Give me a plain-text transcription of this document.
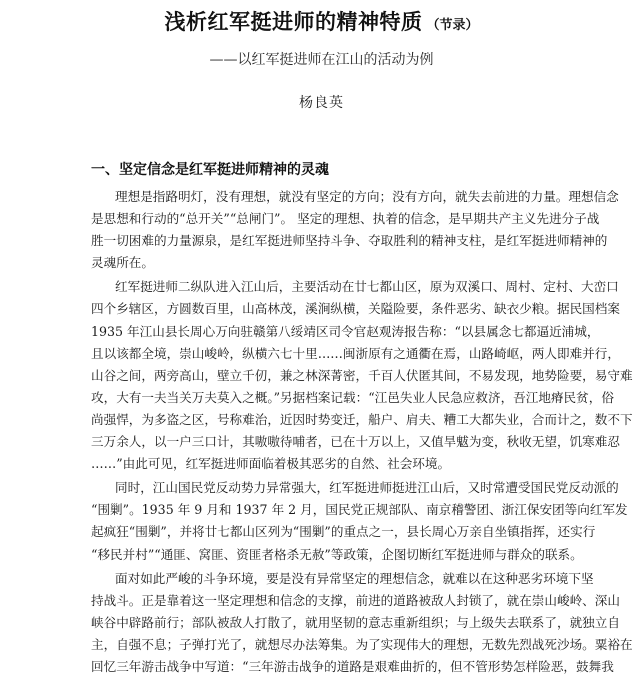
浅析红军挺进师的精神特质 （节录）
——以红军挺进师在江山的活动为例
杨良英
一、坚定信念是红军挺进师精神的灵魂

理想是指路明灯，没有理想，就没有坚定的方向；没有方向，就失去前进的力量。理想信念
是思想和行动的“总开关”“总闸门”。 坚定的理想、执着的信念，是早期共产主义先进分子战
胜一切困难的力量源泉，是红军挺进师坚持斗争、夺取胜利的精神支柱，是红军挺进师精神的
灵魂所在。

红军挺进师二纵队进入江山后，主要活动在廿七都山区，原为双溪口、周村、定村、大峦口
四个乡辖区，方圆数百里，山高林茂，溪涧纵横，关隘险要，条件恶劣、缺衣少粮。据民国档案
1935 年江山县长周心万向驻赣第八绥靖区司令官赵观涛报告称：“以县属念七都逼近浦城，
且以该都全境，崇山峻岭，纵横六七十里……闽浙原有之通衢在焉，山路崎岖，两人即难并行，
山谷之间，两旁高山，壁立千仞，兼之林深菁密，千百人伏匿其间，不易发现，地势险要，易守难
攻，大有一夫当关万夫莫入之概。”另据档案记载：“江邑失业人民急应救济，吾江地瘠民贫，俗
尚强悍，为多盗之区，号称难治，近因时势变迁，船户、肩夫、糟工大都失业，合而计之，数不下
三万余人，以一户三口计，其嗷嗷待哺者，已在十万以上，又值旱魃为变，秋收无望，饥寒难忍
……”由此可见，红军挺进师面临着极其恶劣的自然、社会环境。

同时，江山国民党反动势力异常强大，红军挺进师挺进江山后，又时常遭受国民党反动派的
“围剿”。1935 年 9 月和 1937 年 2 月，国民党正规部队、南京稽警团、浙江保安团等向红军发
起疯狂“围剿”，并将廿七都山区列为“围剿”的重点之一，县长周心万亲自坐镇指挥，还实行
“移民并村”“通匪、窝匪、资匪者格杀无赦”等政策，企图切断红军挺进师与群众的联系。

面对如此严峻的斗争环境，要是没有异常坚定的理想信念，就难以在这种恶劣环境下坚
持战斗。正是靠着这一坚定理想和信念的支撑，前进的道路被敌人封锁了，就在崇山峻岭、深山
峡谷中辟路前行；部队被敌人打散了，就用坚韧的意志重新组织；与上级失去联系了，就独立自
主，自强不息；子弹打光了，就想尽办法筹集。为了实现伟大的理想，无数先烈战死沙场。粟裕在
回忆三年游击战争中写道：“三年游击战争的道路是艰难曲折的，但不管形势怎样险恶，鼓舞我
